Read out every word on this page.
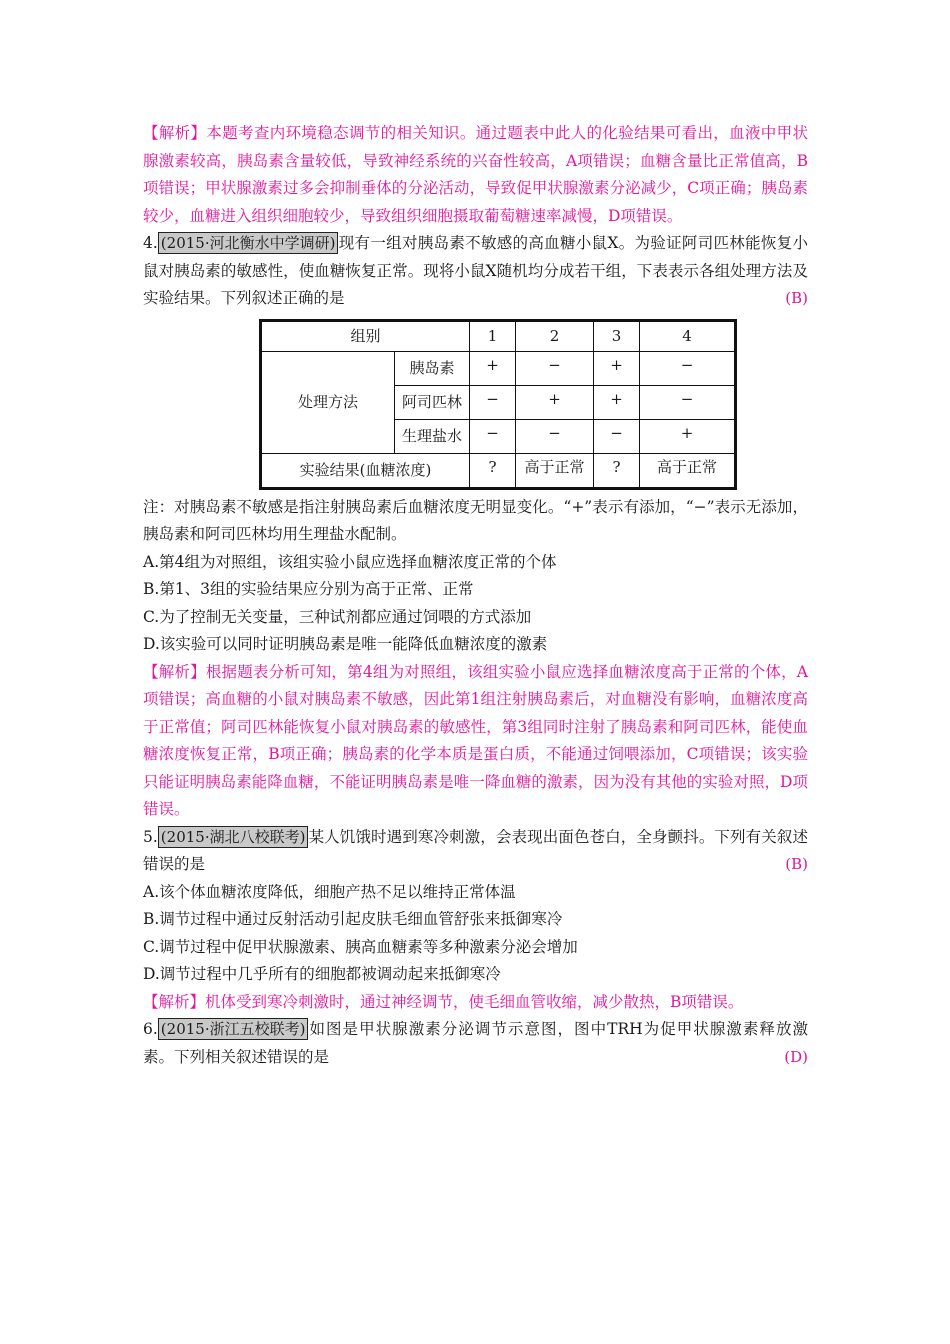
【解析】本题考查内环境稳态调节的相关知识。通过题表中此人的化验结果可看出，血液中甲状腺激素较高，胰岛素含量较低，导致神经系统的兴奋性较高，A项错误；血糖含量比正常值高，B项错误；甲状腺激素过多会抑制垂体的分泌活动，导致促甲状腺激素分泌减少，C项正确；胰岛素较少，血糖进入组织细胞较少，导致组织细胞摄取葡萄糖速率减慢，D项错误。

4. (2015·河北衡水中学调研) 现有一组对胰岛素不敏感的高血糖小鼠X。为验证阿司匹林能恢复小鼠对胰岛素的敏感性，使血糖恢复正常。现将小鼠X随机均分成若干组，下表表示各组处理方法及实验结果。下列叙述正确的是	(B)

组别		1	2	3	4
处理方法	胰岛素	+	−	+	−
	阿司匹林	−	+	+	−
	生理盐水	−	−	−	+
实验结果(血糖浓度)		?	高于正常	?	高于正常

注：对胰岛素不敏感是指注射胰岛素后血糖浓度无明显变化。“+”表示有添加，“−”表示无添加，胰岛素和阿司匹林均用生理盐水配制。

A.第4组为对照组，该组实验小鼠应选择血糖浓度正常的个体

B.第1、3组的实验结果应分别为高于正常、正常

C.为了控制无关变量，三种试剂都应通过饲喂的方式添加

D.该实验可以同时证明胰岛素是唯一能降低血糖浓度的激素

【解析】根据题表分析可知，第4组为对照组，该组实验小鼠应选择血糖浓度高于正常的个体，A项错误；高血糖的小鼠对胰岛素不敏感，因此第1组注射胰岛素后，对血糖没有影响，血糖浓度高于正常值；阿司匹林能恢复小鼠对胰岛素的敏感性，第3组同时注射了胰岛素和阿司匹林，能使血糖浓度恢复正常，B项正确；胰岛素的化学本质是蛋白质，不能通过饲喂添加，C项错误；该实验只能证明胰岛素能降血糖，不能证明胰岛素是唯一降血糖的激素，因为没有其他的实验对照，D项错误。

5. (2015·湖北八校联考) 某人饥饿时遇到寒冷刺激，会表现出面色苍白，全身颤抖。下列有关叙述错误的是	(B)

A.该个体血糖浓度降低，细胞产热不足以维持正常体温

B.调节过程中通过反射活动引起皮肤毛细血管舒张来抵御寒冷

C.调节过程中促甲状腺激素、胰高血糖素等多种激素分泌会增加

D.调节过程中几乎所有的细胞都被调动起来抵御寒冷

【解析】机体受到寒冷刺激时，通过神经调节，使毛细血管收缩，减少散热，B项错误。

6. (2015·浙江五校联考) 如图是甲状腺激素分泌调节示意图，图中TRH为促甲状腺激素释放激素。下列相关叙述错误的是	(D)
